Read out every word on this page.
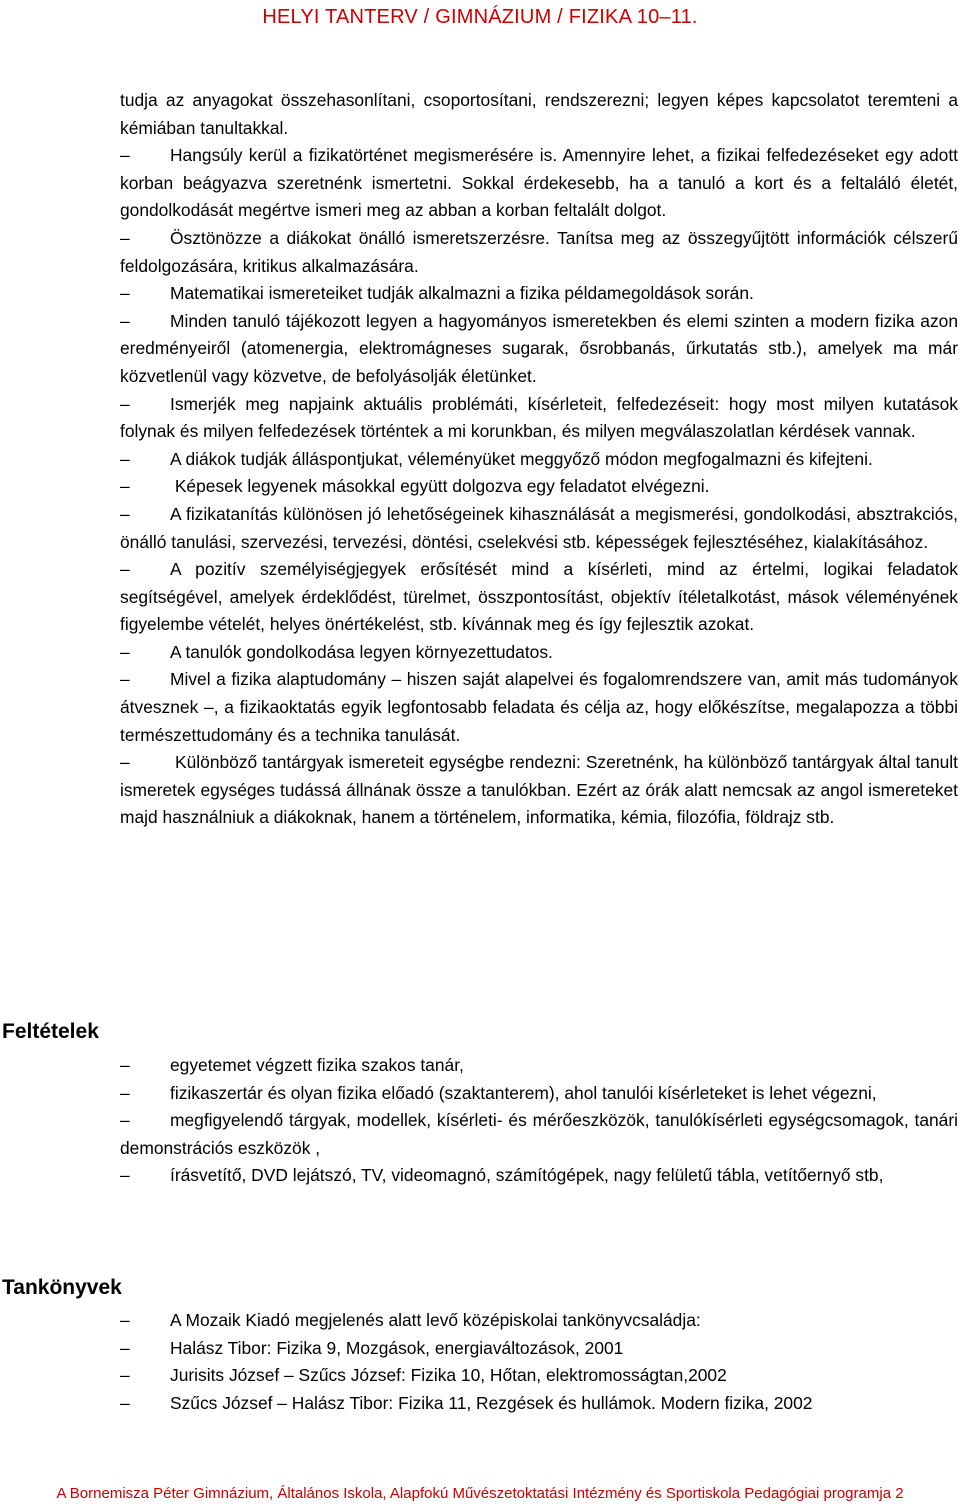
HELYI TANTERV / GIMNÁZIUM / FIZIKA 10–11.

tudja az anyagokat összehasonlítani, csoportosítani, rendszerezni; legyen képes kapcsolatot teremteni a kémiában tanultakkal.

– Hangsúly kerül a fizikatörténet megismerésére is. Amennyire lehet, a fizikai felfedezéseket egy adott korban beágyazva szeretnénk ismertetni. Sokkal érdekesebb, ha a tanuló a kort és a feltaláló életét, gondolkodását megértve ismeri meg az abban a korban feltalált dolgot.

– Ösztönözze a diákokat önálló ismeretszerzésre. Tanítsa meg az összegyűjtött információk célszerű feldolgozására, kritikus alkalmazására.

– Matematikai ismereteiket tudják alkalmazni a fizika példamegoldások során.

– Minden tanuló tájékozott legyen a hagyományos ismeretekben és elemi szinten a modern fizika azon eredményeiről (atomenergia, elektromágneses sugarak, ősrobbanás, űrkutatás stb.), amelyek ma már közvetlenül vagy közvetve, de befolyásolják életünket.

– Ismerjék meg napjaink aktuális problémáti, kísérleteit, felfedezéseit: hogy most milyen kutatások folynak és milyen felfedezések történtek a mi korunkban, és milyen megválaszolatlan kérdések vannak.

– A diákok tudják álláspontjukat, véleményüket meggyőző módon megfogalmazni és kifejteni.

– Képesek legyenek másokkal együtt dolgozva egy feladatot elvégezni.

– A fizikatanítás különösen jó lehetőségeinek kihasználását a megismerési, gondolkodási, absztrakciós, önálló tanulási, szervezési, tervezési, döntési, cselekvési stb. képességek fejlesztéséhez, kialakításához.

– A pozitív személyiségjegyek erősítését mind a kísérleti, mind az értelmi, logikai feladatok segítségével, amelyek érdeklődést, türelmet, összpontosítást, objektív ítéletalkotást, mások véleményének figyelembe vételét, helyes önértékelést, stb. kívánnak meg és így fejlesztik azokat.

– A tanulók gondolkodása legyen környezettudatos.

– Mivel a fizika alaptudomány – hiszen saját alapelvei és fogalomrendszere van, amit más tudományok átvesznek –, a fizikaoktatás egyik legfontosabb feladata és célja az, hogy előkészítse, megalapozza a többi természettudomány és a technika tanulását.

– Különböző tantárgyak ismereteit egységbe rendezni: Szeretnénk, ha különböző tantárgyak által tanult ismeretek egységes tudássá állnának össze a tanulókban. Ezért az órák alatt nemcsak az angol ismereteket majd használniuk a diákoknak, hanem a történelem, informatika, kémia, filozófia, földrajz stb.

Feltételek

– egyetemet végzett fizika szakos tanár,

– fizikaszertár és olyan fizika előadó (szaktanterem), ahol tanulói kísérleteket is lehet végezni,

– megfigyelendő tárgyak, modellek, kísérleti- és mérőeszközök, tanulókísérleti egységcsomagok, tanári demonstrációs eszközök ,

– írásvetítő, DVD lejátszó, TV, videomagnó, számítógépek, nagy felületű tábla, vetítőernyő stb,

Tankönyvek

– A Mozaik Kiadó megjelenés alatt levő középiskolai tankönyvcsaládja:

– Halász Tibor: Fizika 9, Mozgások, energiaváltozások, 2001

– Jurisits József – Szűcs József: Fizika 10, Hőtan, elektromosságtan,2002

– Szűcs József – Halász Tibor: Fizika 11, Rezgések és hullámok. Modern fizika, 2002

A Bornemisza Péter Gimnázium, Általános Iskola, Alapfokú Művészetoktatási Intézmény és Sportiskola Pedagógiai programja 2
